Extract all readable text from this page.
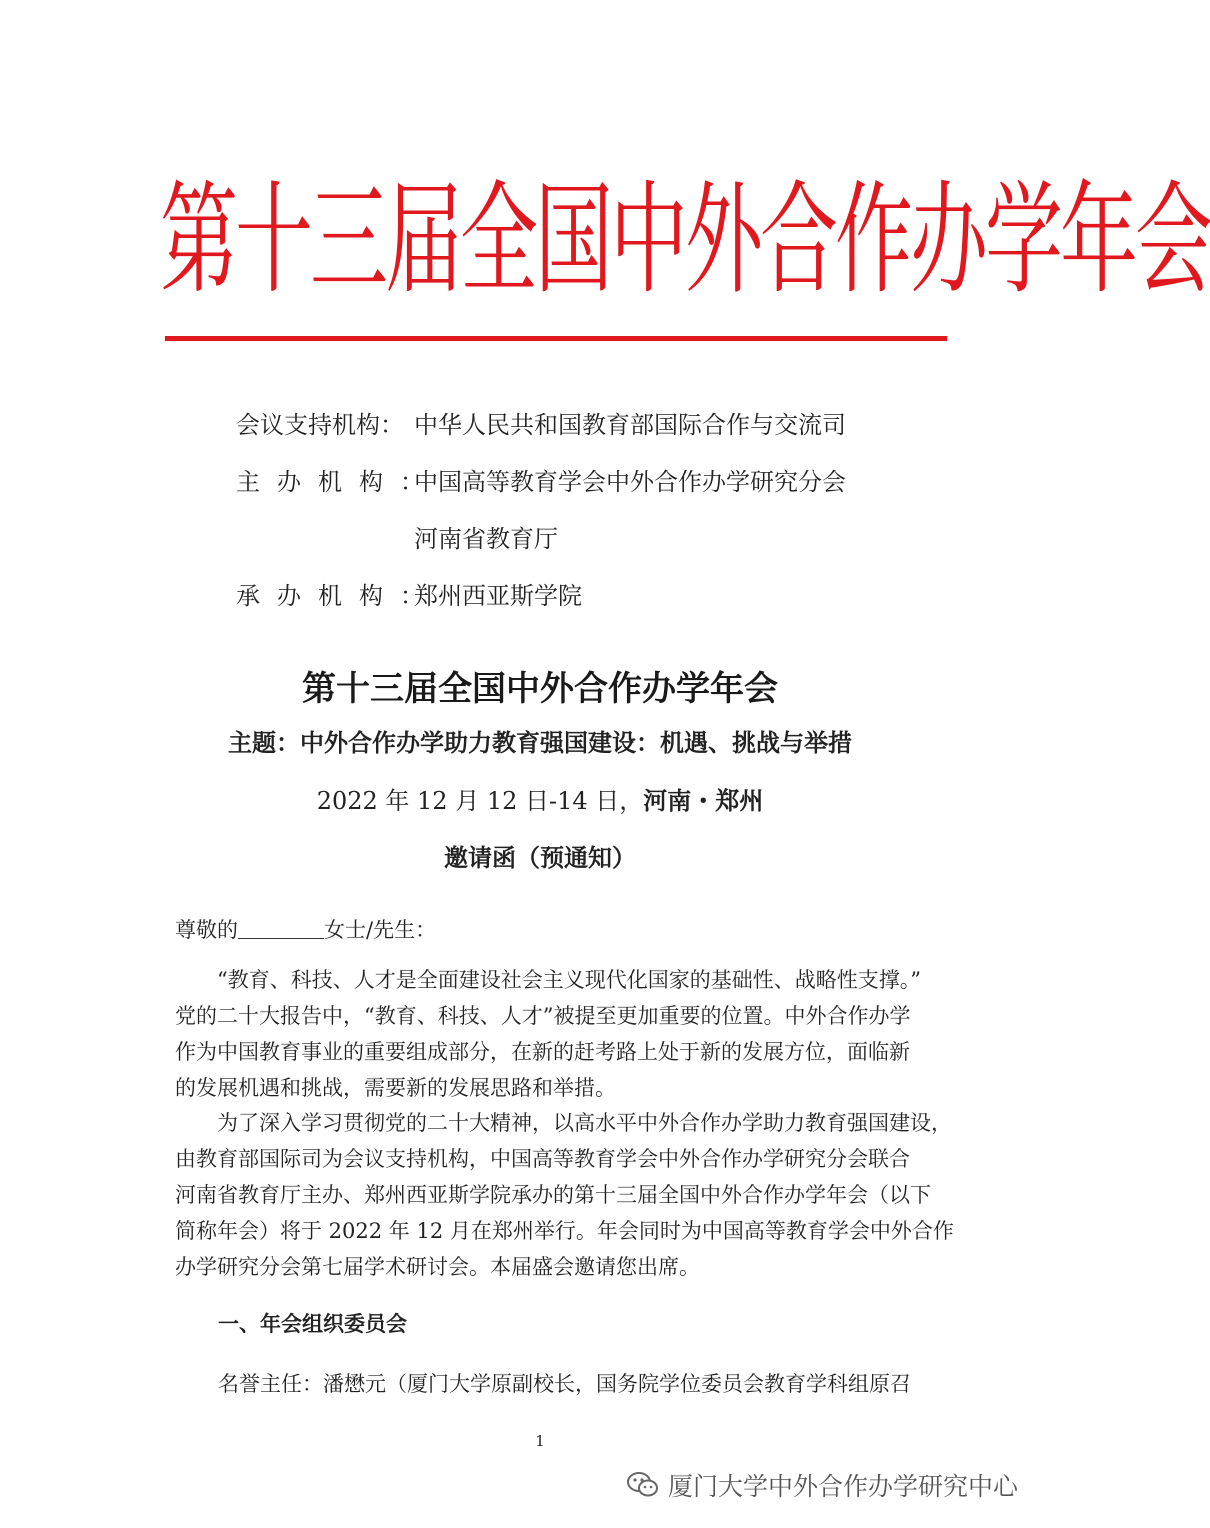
第十三届全国中外合作办学年会
会议支持机构： 中华人民共和国教育部国际合作与交流司
主办机构：中国高等教育学会中外合作办学研究分会
河南省教育厅
承办机构：郑州西亚斯学院
第十三届全国中外合作办学年会
主题：中外合作办学助力教育强国建设：机遇、挑战与举措
2022 年 12 月 12 日-14 日，河南・郑州
邀请函（预通知）
尊敬的	女士/先生：
“教育、科技、人才是全面建设社会主义现代化国家的基础性、战略性支撑。”
党的二十大报告中，“教育、科技、人才”被提至更加重要的位置。中外合作办学
作为中国教育事业的重要组成部分，在新的赶考路上处于新的发展方位，面临新
的发展机遇和挑战，需要新的发展思路和举措。
为了深入学习贯彻党的二十大精神，以高水平中外合作办学助力教育强国建设，
由教育部国际司为会议支持机构，中国高等教育学会中外合作办学研究分会联合
河南省教育厅主办、郑州西亚斯学院承办的第十三届全国中外合作办学年会（以下
简称年会）将于 2022 年 12 月在郑州举行。年会同时为中国高等教育学会中外合作
办学研究分会第七届学术研讨会。本届盛会邀请您出席。
一、年会组织委员会
名誉主任：潘懋元（厦门大学原副校长，国务院学位委员会教育学科组原召
1
厦门大学中外合作办学研究中心
